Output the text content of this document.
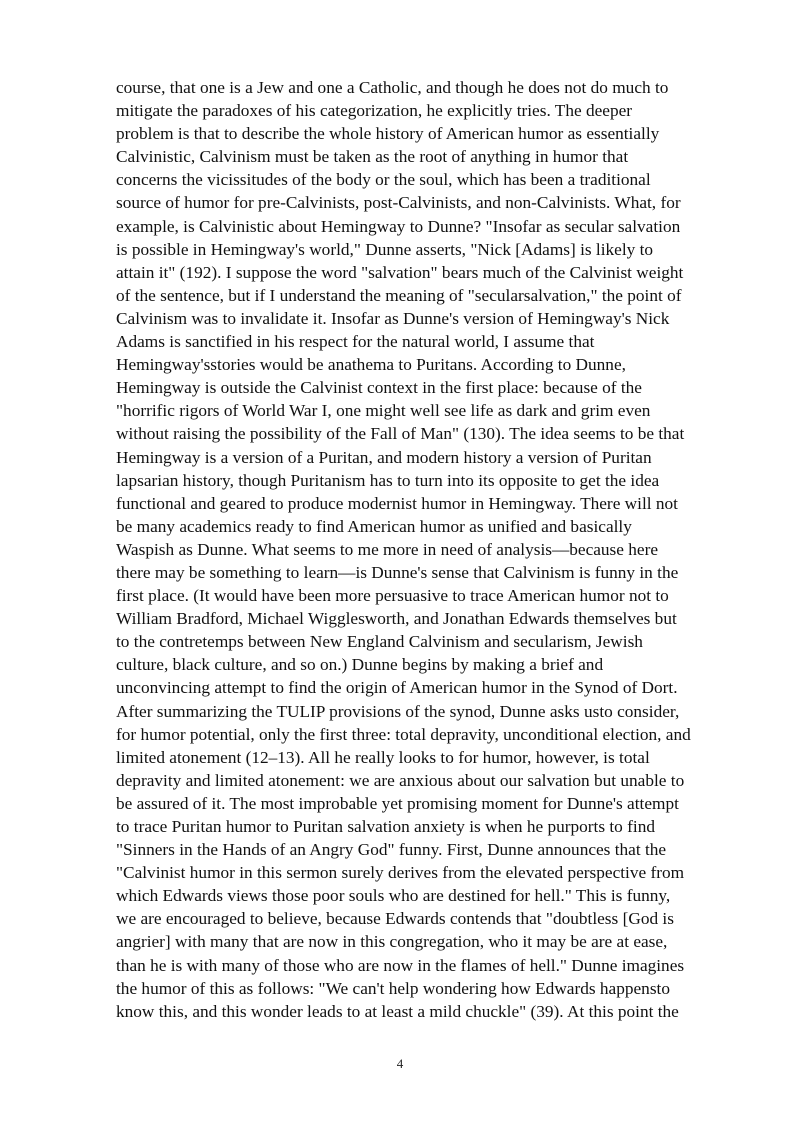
course, that one is a Jew and one a Catholic, and though he does not do much to
mitigate the paradoxes of his categorization, he explicitly tries. The deeper
problem is that to describe the whole history of American humor as essentially
Calvinistic, Calvinism must be taken as the root of anything in humor that
concerns the vicissitudes of the body or the soul, which has been a traditional
source of humor for pre-Calvinists, post-Calvinists, and non-Calvinists. What, for
example, is Calvinistic about Hemingway to Dunne? "Insofar as secular salvation
is possible in Hemingway's world," Dunne asserts, "Nick [Adams] is likely to
attain it" (192). I suppose the word "salvation" bears much of the Calvinist weight
of the sentence, but if I understand the meaning of "secularsalvation," the point of
Calvinism was to invalidate it. Insofar as Dunne's version of Hemingway's Nick
Adams is sanctified in his respect for the natural world, I assume that
Hemingway'sstories would be anathema to Puritans. According to Dunne,
Hemingway is outside the Calvinist context in the first place: because of the
"horrific rigors of World War I, one might well see life as dark and grim even
without raising the possibility of the Fall of Man" (130). The idea seems to be that
Hemingway is a version of a Puritan, and modern history a version of Puritan
lapsarian history, though Puritanism has to turn into its opposite to get the idea
functional and geared to produce modernist humor in Hemingway. There will not
be many academics ready to find American humor as unified and basically
Waspish as Dunne. What seems to me more in need of analysis—because here
there may be something to learn—is Dunne's sense that Calvinism is funny in the
first place. (It would have been more persuasive to trace American humor not to
William Bradford, Michael Wigglesworth, and Jonathan Edwards themselves but
to the contretemps between New England Calvinism and secularism, Jewish
culture, black culture, and so on.) Dunne begins by making a brief and
unconvincing attempt to find the origin of American humor in the Synod of Dort.
After summarizing the TULIP provisions of the synod, Dunne asks usto consider,
for humor potential, only the first three: total depravity, unconditional election, and
limited atonement (12–13). All he really looks to for humor, however, is total
depravity and limited atonement: we are anxious about our salvation but unable to
be assured of it. The most improbable yet promising moment for Dunne's attempt
to trace Puritan humor to Puritan salvation anxiety is when he purports to find
"Sinners in the Hands of an Angry God" funny. First, Dunne announces that the
"Calvinist humor in this sermon surely derives from the elevated perspective from
which Edwards views those poor souls who are destined for hell." This is funny,
we are encouraged to believe, because Edwards contends that "doubtless [God is
angrier] with many that are now in this congregation, who it may be are at ease,
than he is with many of those who are now in the flames of hell." Dunne imagines
the humor of this as follows: "We can't help wondering how Edwards happensto
know this, and this wonder leads to at least a mild chuckle" (39). At this point the
4
